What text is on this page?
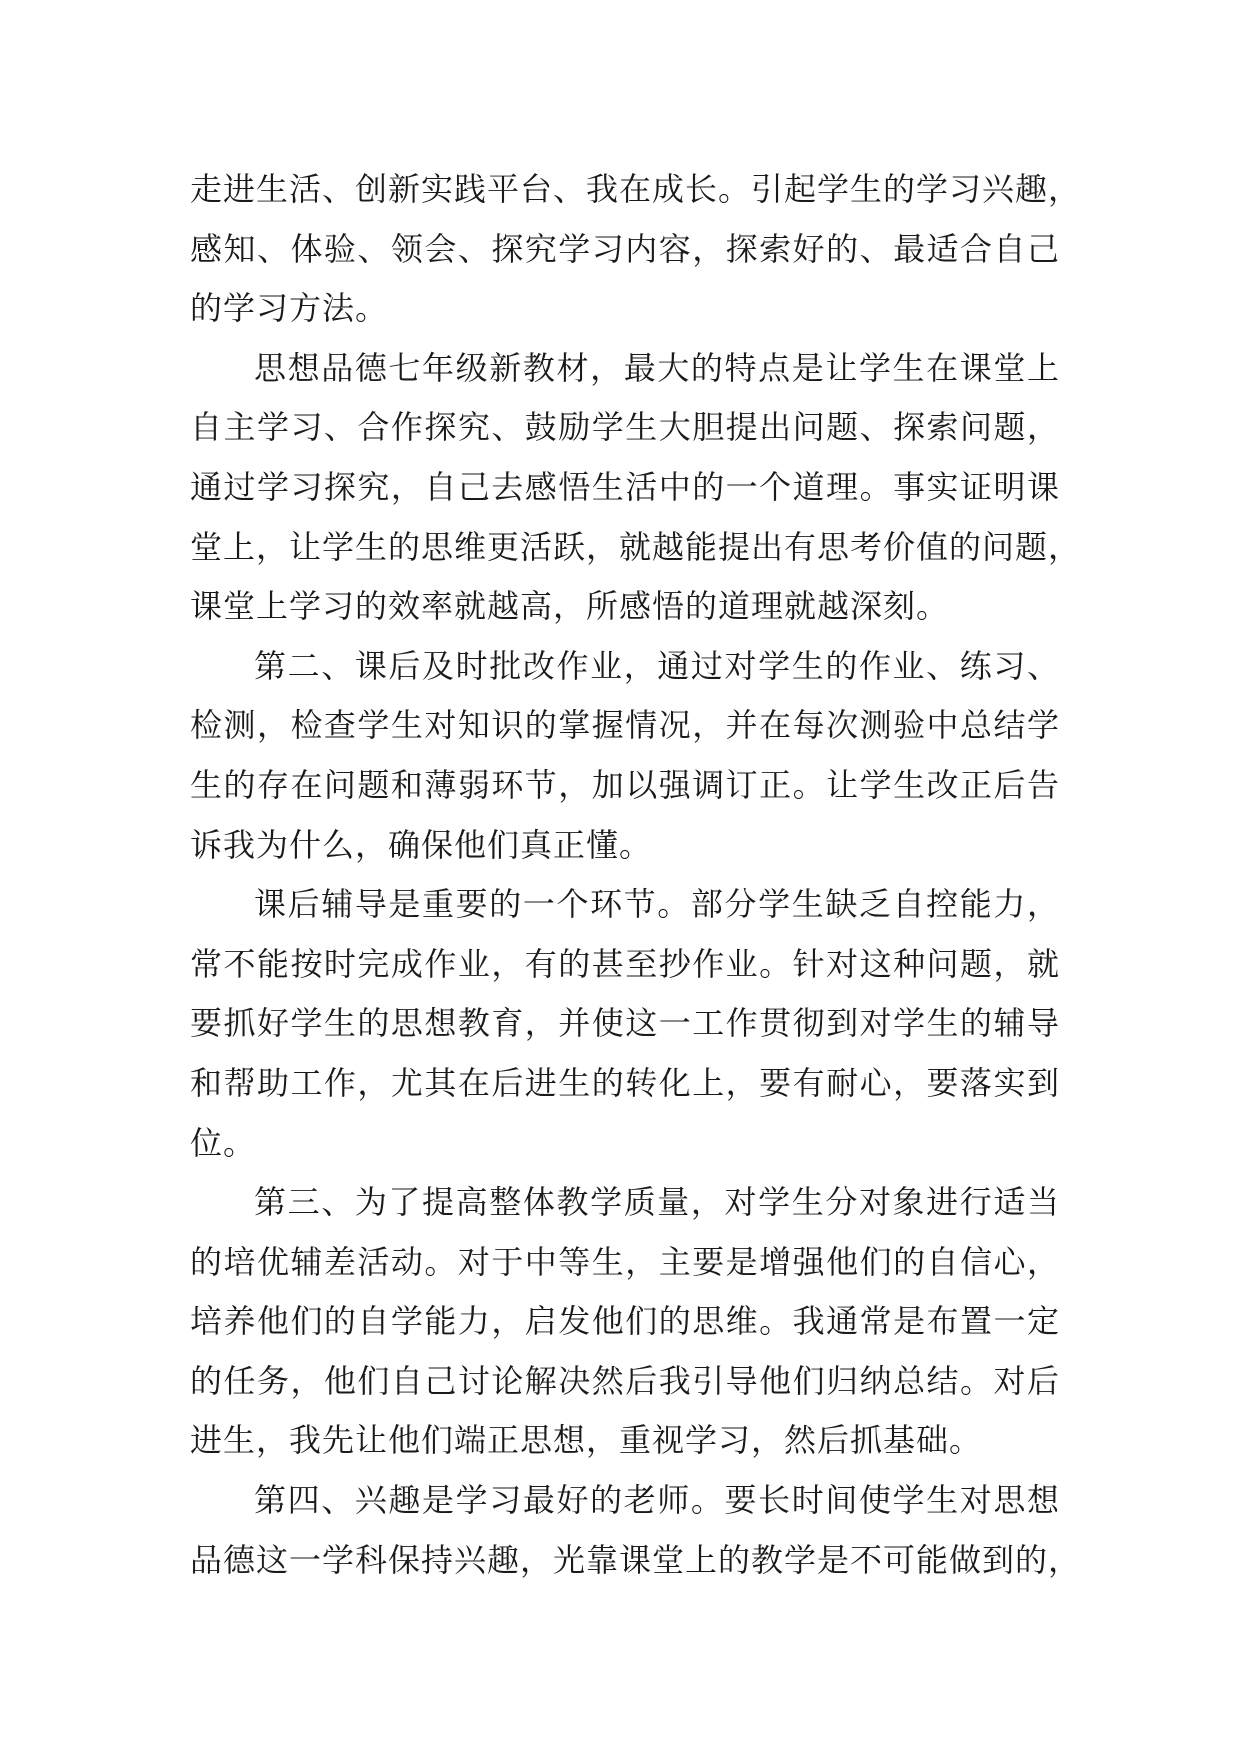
走进生活、创新实践平台、我在成长。引起学生的学习兴趣，
感知、体验、领会、探究学习内容，探索好的、最适合自己
的学习方法。
思想品德七年级新教材，最大的特点是让学生在课堂上
自主学习、合作探究、鼓励学生大胆提出问题、探索问题，
通过学习探究，自己去感悟生活中的一个道理。事实证明课
堂上，让学生的思维更活跃，就越能提出有思考价值的问题，
课堂上学习的效率就越高，所感悟的道理就越深刻。
第二、课后及时批改作业，通过对学生的作业、练习、
检测，检查学生对知识的掌握情况，并在每次测验中总结学
生的存在问题和薄弱环节，加以强调订正。让学生改正后告
诉我为什么，确保他们真正懂。
课后辅导是重要的一个环节。部分学生缺乏自控能力，
常不能按时完成作业，有的甚至抄作业。针对这种问题，就
要抓好学生的思想教育，并使这一工作贯彻到对学生的辅导
和帮助工作，尤其在后进生的转化上，要有耐心，要落实到
位。
第三、为了提高整体教学质量，对学生分对象进行适当
的培优辅差活动。对于中等生，主要是增强他们的自信心，
培养他们的自学能力，启发他们的思维。我通常是布置一定
的任务，他们自己讨论解决然后我引导他们归纳总结。对后
进生，我先让他们端正思想，重视学习，然后抓基础。
第四、兴趣是学习最好的老师。要长时间使学生对思想
品德这一学科保持兴趣，光靠课堂上的教学是不可能做到的，
